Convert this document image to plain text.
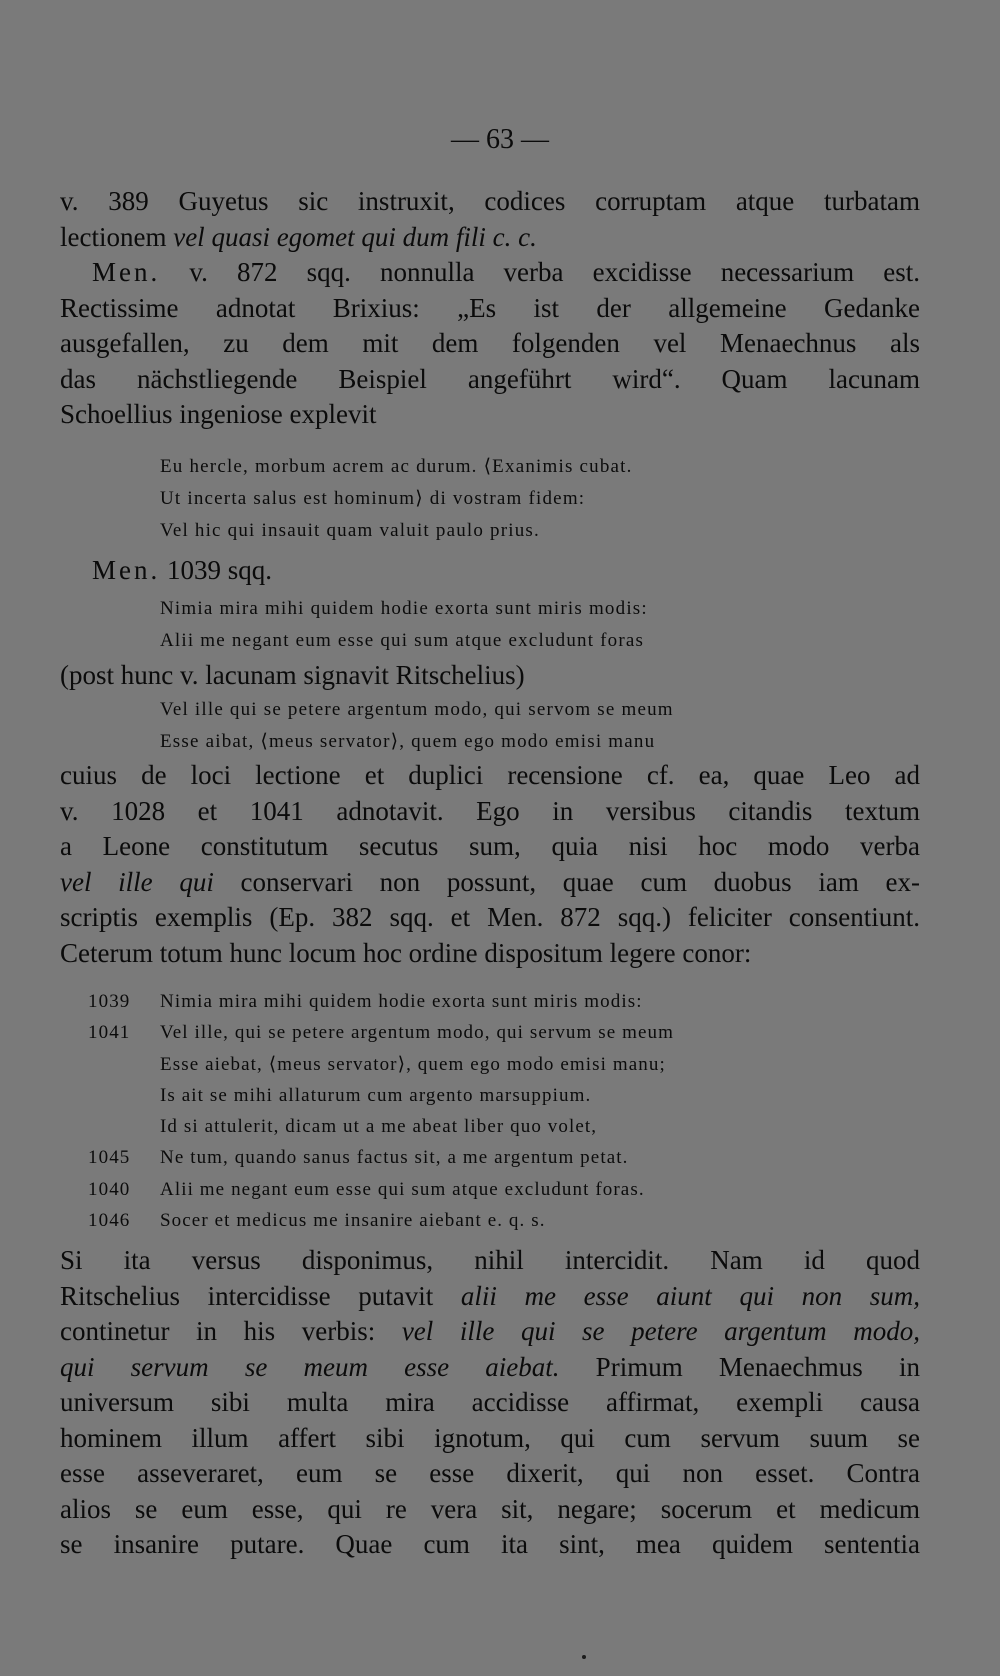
— 63 —
v. 389 Guyetus sic instruxit, codices corruptam atque turbatam
lectionem vel quasi egomet qui dum fili c. c.
Men. v. 872 sqq. nonnulla verba excidisse necessarium est.
Rectissime adnotat Brixius: „Es ist der allgemeine Gedanke
ausgefallen, zu dem mit dem folgenden vel Menaechnus als
das nächstliegende Beispiel angeführt wird“. Quam lacunam
Schoellius ingeniose explevit
Eu hercle, morbum acrem ac durum. ⟨Exanimis cubat.
Ut incerta salus est hominum⟩ di vostram fidem:
Vel hic qui insauit quam valuit paulo prius.
Men. 1039 sqq.
Nimia mira mihi quidem hodie exorta sunt miris modis:
Alii me negant eum esse qui sum atque excludunt foras
(post hunc v. lacunam signavit Ritschelius)
Vel ille qui se petere argentum modo, qui servom se meum
Esse aibat, ⟨meus servator⟩, quem ego modo emisi manu
cuius de loci lectione et duplici recensione cf. ea, quae Leo ad
v. 1028 et 1041 adnotavit. Ego in versibus citandis textum
a Leone constitutum secutus sum, quia nisi hoc modo verba
vel ille qui conservari non possunt, quae cum duobus iam ex-
scriptis exemplis (Ep. 382 sqq. et Men. 872 sqq.) feliciter consentiunt.
Ceterum totum hunc locum hoc ordine dispositum legere conor:
1039	Nimia mira mihi quidem hodie exorta sunt miris modis:
1041	Vel ille, qui se petere argentum modo, qui servum se meum
Esse aiebat, ⟨meus servator⟩, quem ego modo emisi manu;
Is ait se mihi allaturum cum argento marsuppium.
Id si attulerit, dicam ut a me abeat liber quo volet,
1045	Ne tum, quando sanus factus sit, a me argentum petat.
1040	Alii me negant eum esse qui sum atque excludunt foras.
1046	Socer et medicus me insanire aiebant e. q. s.
Si ita versus disponimus, nihil intercidit. Nam id quod
Ritschelius intercidisse putavit alii me esse aiunt qui non sum,
continetur in his verbis: vel ille qui se petere argentum modo,
qui servum se meum esse aiebat. Primum Menaechmus in
universum sibi multa mira accidisse affirmat, exempli causa
hominem illum affert sibi ignotum, qui cum servum suum se
esse asseveraret, eum se esse dixerit, qui non esset. Contra
alios se eum esse, qui re vera sit, negare; socerum et medicum
se insanire putare. Quae cum ita sint, mea quidem sententia
